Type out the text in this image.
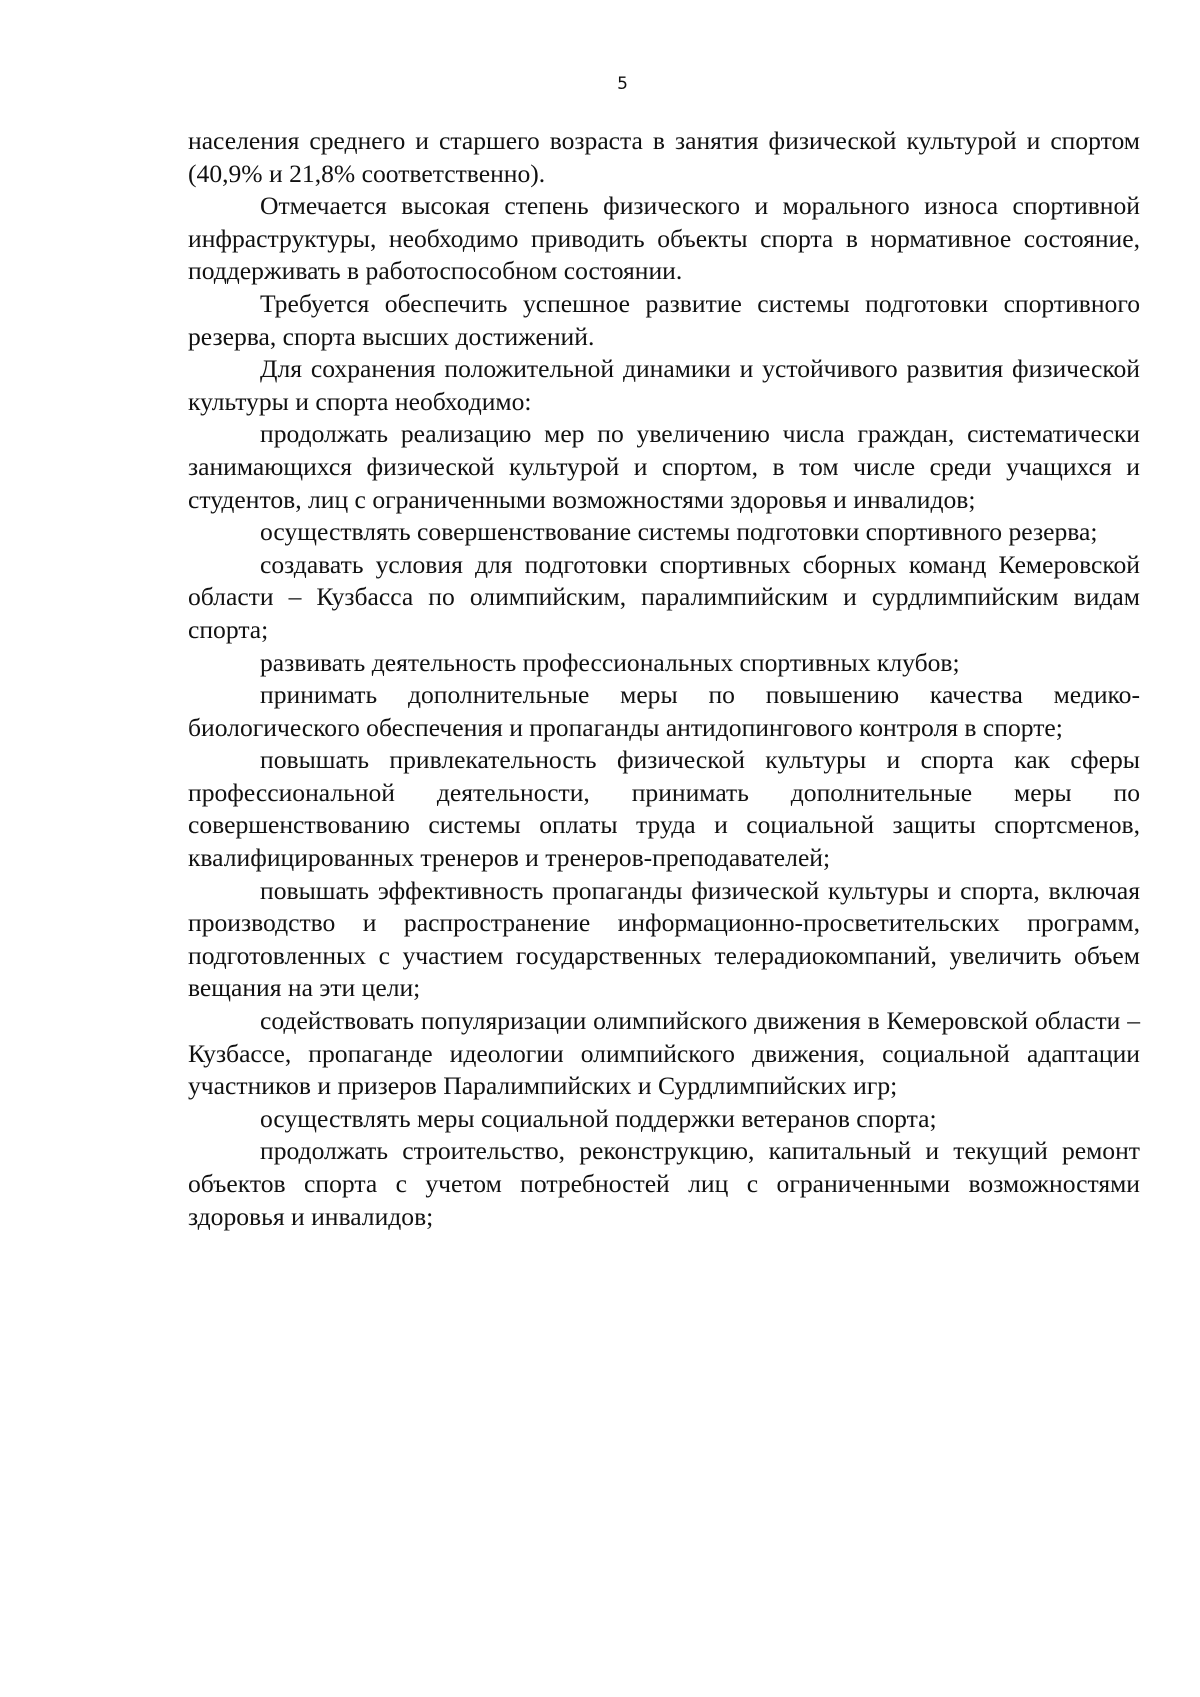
5

населения среднего и старшего возраста в занятия физической культурой и спортом (40,9% и 21,8% соответственно).

Отмечается высокая степень физического и морального износа спортивной инфраструктуры, необходимо приводить объекты спорта в нормативное состояние, поддерживать в работоспособном состоянии.

Требуется обеспечить успешное развитие системы подготовки спортивного резерва, спорта высших достижений.

Для сохранения положительной динамики и устойчивого развития физической культуры и спорта необходимо:

продолжать реализацию мер по увеличению числа граждан, систематически занимающихся физической культурой и спортом, в том числе среди учащихся и студентов, лиц с ограниченными возможностями здоровья и инвалидов;

осуществлять совершенствование системы подготовки спортивного резерва;

создавать условия для подготовки спортивных сборных команд Кемеровской области – Кузбасса по олимпийским, паралимпийским и сурдлимпийским видам спорта;

развивать деятельность профессиональных спортивных клубов;

принимать дополнительные меры по повышению качества медико-биологического обеспечения и пропаганды антидопингового контроля в спорте;

повышать привлекательность физической культуры и спорта как сферы профессиональной деятельности, принимать дополнительные меры по совершенствованию системы оплаты труда и социальной защиты спортсменов, квалифицированных тренеров и тренеров-преподавателей;

повышать эффективность пропаганды физической культуры и спорта, включая производство и распространение информационно-просветительских программ, подготовленных с участием государственных телерадиокомпаний, увеличить объем вещания на эти цели;

содействовать популяризации олимпийского движения в Кемеровской области – Кузбассе, пропаганде идеологии олимпийского движения, социальной адаптации участников и призеров Паралимпийских и Сурдлимпийских игр;

осуществлять меры социальной поддержки ветеранов спорта;

продолжать строительство, реконструкцию, капитальный и текущий ремонт объектов спорта с учетом потребностей лиц с ограниченными возможностями здоровья и инвалидов;
